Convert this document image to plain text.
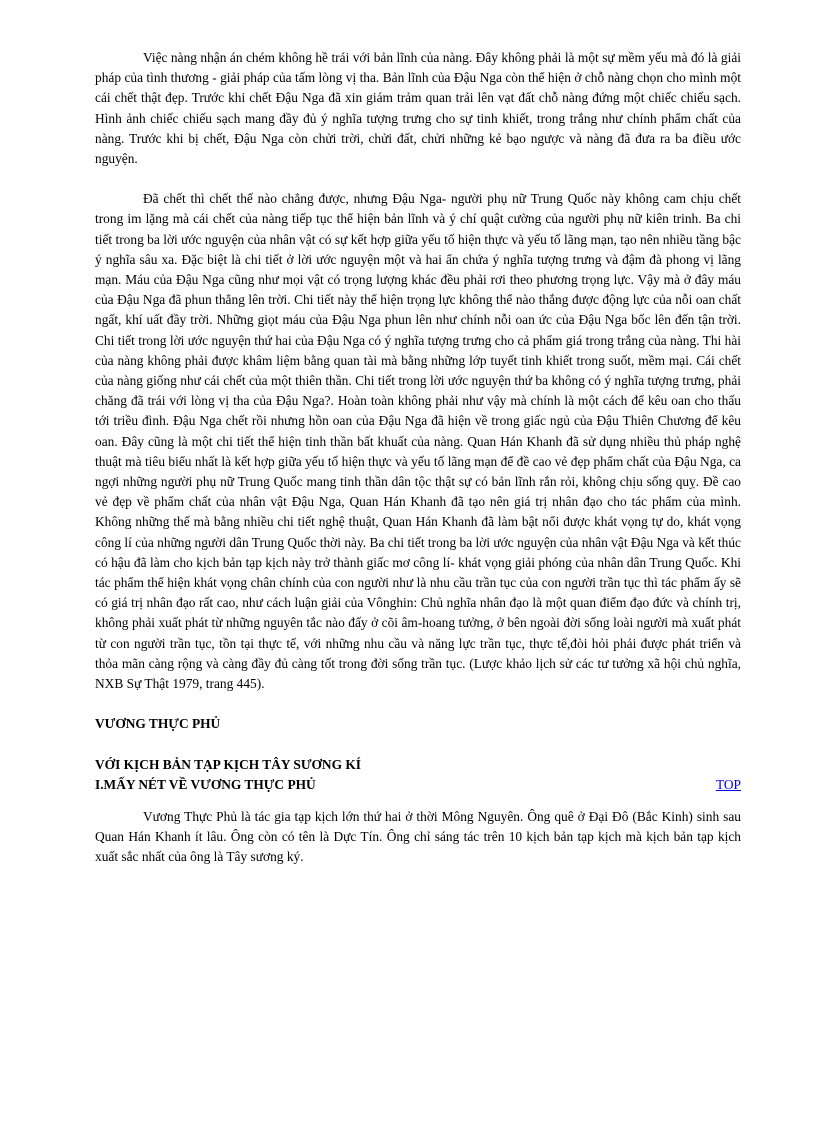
Việc nàng nhận án chém không hề trái với bản lĩnh của nàng. Đây không phải là một sự mềm yếu mà đó là giải pháp của tình thương - giải pháp của tấm lòng vị tha. Bản lĩnh của Đậu Nga còn thể hiện ở chỗ nàng chọn cho mình một cái chết thật đẹp. Trước khi chết Đậu Nga đã xin giám trảm quan trải lên vạt đất chỗ nàng đứng một chiếc chiếu sạch. Hình ảnh chiếc chiếu sạch mang đầy đủ ý nghĩa tượng trưng cho sự tinh khiết, trong trắng như chính phẩm chất của nàng. Trước khi bị chết, Đậu Nga còn chửi trời, chửi đất, chửi những kẻ bạo ngược và nàng đã đưa ra ba điều ước nguyện.

Đã chết thì chết thế nào chẳng được, nhưng Đậu Nga- người phụ nữ Trung Quốc này không cam chịu chết trong im lặng mà cái chết của nàng tiếp tục thể hiện bản lĩnh và ý chí quật cường của người phụ nữ kiên trinh. Ba chi tiết trong ba lời ước nguyện của nhân vật có sự kết hợp giữa yếu tố hiện thực và yếu tố lãng mạn, tạo nên nhiều tầng bậc ý nghĩa sâu xa. Đặc biệt là chi tiết ở lời ước nguyện một và hai ẩn chứa ý nghĩa tượng trưng và đậm đà phong vị lãng mạn. Máu của Đậu Nga cũng như mọi vật có trọng lượng khác đều phải rơi theo phương trọng lực. Vậy mà ở đây máu của Đậu Nga đã phun thẳng lên trời. Chi tiết này thể hiện trọng lực không thể nào thắng được động lực của nỗi oan chất ngất, khí uất đầy trời. Những giọt máu của Đậu Nga phun lên như chính nỗi oan ức của Đậu Nga bốc lên đến tận trời. Chi tiết trong lời ước nguyện thứ hai của Đậu Nga có ý nghĩa tượng trưng cho cả phẩm giá trong trắng của nàng. Thi hài của nàng không phải được khâm liệm bằng quan tài mà bằng những lớp tuyết tinh khiết trong suốt, mềm mại. Cái chết của nàng giống như cái chết của một thiên thần. Chi tiết trong lời ước nguyện thứ ba không có ý nghĩa tượng trưng, phải chăng đã trái với lòng vị tha của Đậu Nga?. Hoàn toàn không phải như vậy mà chính là một cách để kêu oan cho thấu tới triều đình. Đậu Nga chết rồi nhưng hồn oan của Đậu Nga đã hiện về trong giấc ngủ của Đậu Thiên Chương để kêu oan. Đây cũng là một chi tiết thể hiện tinh thần bất khuất của nàng. Quan Hán Khanh đã sử dụng nhiều thủ pháp nghệ thuật mà tiêu biểu nhất là kết hợp giữa yếu tố hiện thực và yếu tố lãng mạn để đề cao vẻ đẹp phẩm chất của Đậu Nga, ca ngợi những người phụ nữ Trung Quốc mang tinh thần dân tộc thật sự có bản lĩnh rắn rỏi, không chịu sống quỵ. Đề cao vẻ đẹp về phẩm chất của nhân vật Đậu Nga, Quan Hán Khanh đã tạo nên giá trị nhân đạo cho tác phẩm của mình. Không những thế mà bằng nhiều chi tiết nghệ thuật, Quan Hán Khanh đã làm bật nổi được khát vọng tự do, khát vọng công lí của những người dân Trung Quốc thời này. Ba chi tiết trong ba lời ước nguyện của nhân vật Đậu Nga và kết thúc có hậu đã làm cho kịch bản tạp kịch này trở thành giấc mơ công lí- khát vọng giải phóng của nhân dân Trung Quốc. Khi tác phẩm thể hiện khát vọng chân chính của con người như là nhu cầu trần tục của con người trần tục thì tác phẩm ấy sẽ có giá trị nhân đạo rất cao, như cách luận giải của Vônghin: Chủ nghĩa nhân đạo là một quan điểm đạo đức và chính trị, không phải xuất phát từ những nguyên tắc nào đấy ở cõi âm-hoang tưởng, ở bên ngoài đời sống loài người mà xuất phát từ con người trần tục, tồn tại thực tế, với những nhu cầu và năng lực trần tục, thực tế,đòi hỏi phải được phát triển và thỏa mãn càng rộng và càng đầy đủ càng tốt trong đời sống trần tục. (Lược khảo lịch sử các tư tưởng xã hội chủ nghĩa, NXB Sự Thật 1979, trang 445).

VƯƠNG THỰC PHỦ
VỚI KỊCH BẢN TẠP KỊCH TÂY SƯƠNG KÍ
I.MẤY NÉT VỀ VƯƠNG THỰC PHỦ	TOP

Vương Thực Phủ là tác gia tạp kịch lớn thứ hai ở thời Mông Nguyên. Ông quê ở Đại Đô (Bắc Kinh) sinh sau Quan Hán Khanh ít lâu. Ông còn có tên là Dực Tín. Ông chỉ sáng tác trên 10 kịch bản tạp kịch mà kịch bản tạp kịch xuất sắc nhất của ông là Tây sương ký.
